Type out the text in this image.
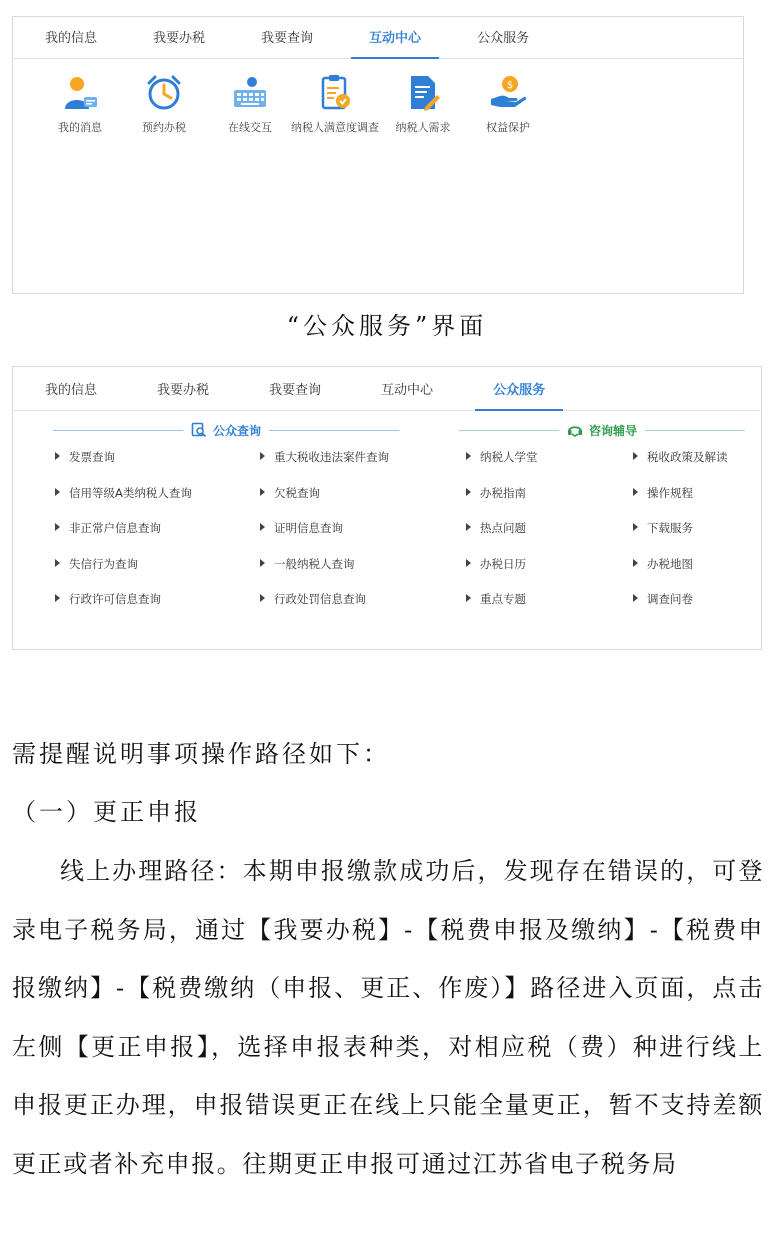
我的信息	我要办税	我要查询	互动中心	公众服务
我的消息	预约办税	在线交互	纳税人满意度调查	纳税人需求
$
权益保护
“公众服务”界面
我的信息	我要办税	我要查询	互动中心	公众服务
公众查询	咨询辅导
发票查询
信用等级A类纳税人查询
非正常户信息查询
失信行为查询
行政许可信息查询
重大税收违法案件查询
欠税查询
证明信息查询
一般纳税人查询
行政处罚信息查询
纳税人学堂
办税指南
热点问题
办税日历
重点专题
税收政策及解读
操作规程
下载服务
办税地图
调查问卷
需提醒说明事项操作路径如下：
（一）更正申报
线上办理路径：本期申报缴款成功后，发现存在错误的，可登录电子税务局，通过【我要办税】-【税费申报及缴纳】-【税费申报缴纳】-【税费缴纳（申报、更正、作废）】路径进入页面，点击左侧【更正申报】，选择申报表种类，对相应税（费）种进行线上申报更正办理，申报错误更正在线上只能全量更正，暂不支持差额更正或者补充申报。往期更正申报可通过江苏省电子税务局
